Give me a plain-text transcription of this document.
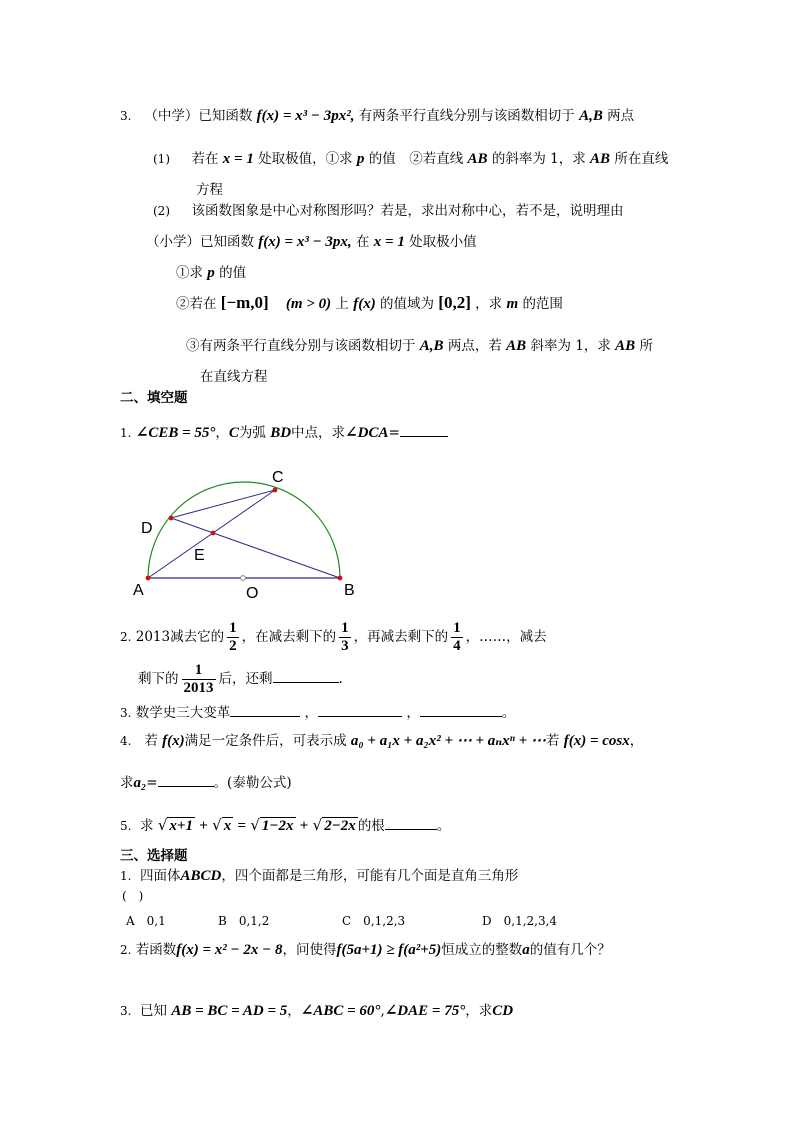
3. （中学）已知函数 f(x) = x³ − 3px², 有两条平行直线分别与该函数相切于 A,B 两点
(1) 若在 x = 1 处取极值，①求 p 的值　②若直线 AB 的斜率为 1，求 AB 所在直线
方程
(2) 该函数图象是中心对称图形吗？若是，求出对称中心，若不是，说明理由
（小学）已知函数 f(x) = x³ − 3px, 在 x = 1 处取极小值
①求 p 的值
②若在 [−m,0] (m > 0) 上 f(x) 的值域为 [0,2] ，求 m 的范围
③有两条平行直线分别与该函数相切于 A,B 两点，若 AB 斜率为 1，求 AB 所
在直线方程
二、填空题
1. ∠CEB = 55°，C为弧 BD中点，求∠DCA=
C
D
E
A	O	B
2. 2013减去它的 $\frac{1}{2}$ ，在减去剩下的 $\frac{1}{3}$ ，再减去剩下的 $\frac{1}{4}$ ，……，减去
剩下的 $\frac{1}{2013}$ 后，还剩	.
3. 数学史三大变革	，	，	。
4. 若 f(x)满足一定条件后，可表示成 a₀ + a₁x + a₂x² + ⋯ + aₙxⁿ + ⋯若 f(x) = cosx，
求a₂=	。(泰勒公式)
5. 求 √ x+1 + √ x = √ 1−2x + √ 2−2x 的根	。
三、选择题
1. 四面体ABCD，四个面都是三角形，可能有几个面是直角三角形
(　)
A　0,1	B　0,1,2	C　0,1,2,3	D　0,1,2,3,4
2. 若函数f(x) = x² − 2x − 8，问使得f(5a+1) ≥ f(a²+5)恒成立的整数a的值有几个？
3. 已知 AB = BC = AD = 5，∠ABC = 60°,∠DAE = 75°，求CD
